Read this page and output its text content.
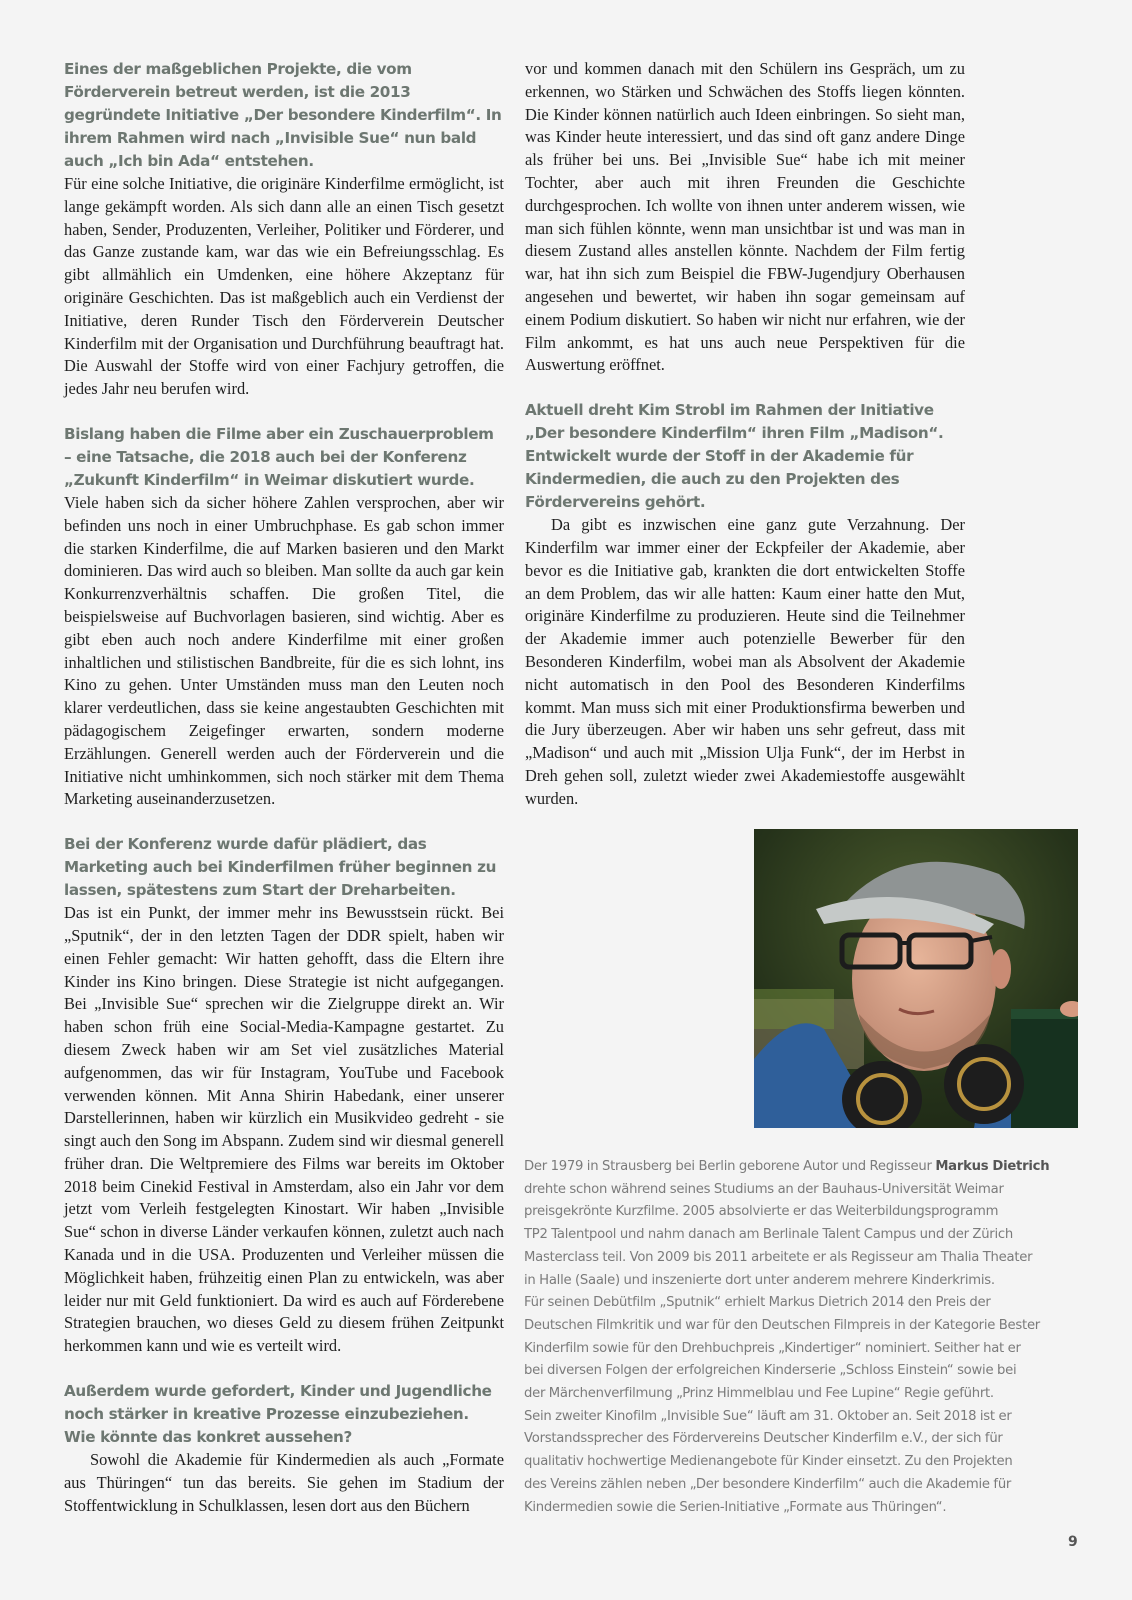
Eines der maßgeblichen Projekte, die vom Förderverein betreut werden, ist die 2013 gegründete Initiative „Der besondere Kinderfilm“. In ihrem Rahmen wird nach „Invisible Sue“ nun bald auch „Ich bin Ada“ entstehen.

Für eine solche Initiative, die originäre Kinderfilme ermöglicht, ist lange gekämpft worden. Als sich dann alle an einen Tisch gesetzt haben, Sender, Produzenten, Verleiher, Politiker und Förderer, und das Ganze zustande kam, war das wie ein Befreiungsschlag. Es gibt allmählich ein Umdenken, eine höhere Akzeptanz für originäre Geschichten. Das ist maßgeblich auch ein Verdienst der Initiative, deren Runder Tisch den Förderverein Deutscher Kinderfilm mit der Organisation und Durchführung beauftragt hat. Die Auswahl der Stoffe wird von einer Fachjury getroffen, die jedes Jahr neu berufen wird.

Bislang haben die Filme aber ein Zuschauerproblem – eine Tatsache, die 2018 auch bei der Konferenz „Zukunft Kinderfilm“ in Weimar diskutiert wurde.

Viele haben sich da sicher höhere Zahlen versprochen, aber wir befinden uns noch in einer Umbruchphase. Es gab schon immer die starken Kinderfilme, die auf Marken basieren und den Markt dominieren. Das wird auch so bleiben. Man sollte da auch gar kein Konkurrenzverhältnis schaffen. Die großen Titel, die beispielsweise auf Buchvorlagen basieren, sind wichtig. Aber es gibt eben auch noch andere Kinderfilme mit einer großen inhaltlichen und stilistischen Bandbreite, für die es sich lohnt, ins Kino zu gehen. Unter Umständen muss man den Leuten noch klarer verdeutlichen, dass sie keine angestaubten Geschichten mit pädagogischem Zeigefinger erwarten, sondern moderne Erzählungen. Generell werden auch der Förderverein und die Initiative nicht umhinkommen, sich noch stärker mit dem Thema Marketing auseinanderzusetzen.

Bei der Konferenz wurde dafür plädiert, das Marketing auch bei Kinderfilmen früher beginnen zu lassen, spätestens zum Start der Dreharbeiten.

Das ist ein Punkt, der immer mehr ins Bewusstsein rückt. Bei „Sputnik“, der in den letzten Tagen der DDR spielt, haben wir einen Fehler gemacht: Wir hatten gehofft, dass die Eltern ihre Kinder ins Kino bringen. Diese Strategie ist nicht aufgegangen. Bei „Invisible Sue“ sprechen wir die Zielgruppe direkt an. Wir haben schon früh eine Social-Media-Kampagne gestartet. Zu diesem Zweck haben wir am Set viel zusätzliches Material aufgenommen, das wir für Instagram, YouTube und Facebook verwenden können. Mit Anna Shirin Habedank, einer unserer Darstellerinnen, haben wir kürzlich ein Musikvideo gedreht - sie singt auch den Song im Abspann. Zudem sind wir diesmal generell früher dran. Die Weltpremiere des Films war bereits im Oktober 2018 beim Cinekid Festival in Amsterdam, also ein Jahr vor dem jetzt vom Verleih festgelegten Kinostart. Wir haben „Invisible Sue“ schon in diverse Länder verkaufen können, zuletzt auch nach Kanada und in die USA. Produzenten und Verleiher müssen die Möglichkeit haben, frühzeitig einen Plan zu entwickeln, was aber leider nur mit Geld funktioniert. Da wird es auch auf Förderebene Strategien brauchen, wo dieses Geld zu diesem frühen Zeitpunkt herkommen kann und wie es verteilt wird.

Außerdem wurde gefordert, Kinder und Jugendliche noch stärker in kreative Prozesse einzubeziehen. Wie könnte das konkret aussehen?

Sowohl die Akademie für Kindermedien als auch „Formate aus Thüringen“ tun das bereits. Sie gehen im Stadium der Stoffentwicklung in Schulklassen, lesen dort aus den Büchern

vor und kommen danach mit den Schülern ins Gespräch, um zu erkennen, wo Stärken und Schwächen des Stoffs liegen könnten. Die Kinder können natürlich auch Ideen einbringen. So sieht man, was Kinder heute interessiert, und das sind oft ganz andere Dinge als früher bei uns. Bei „Invisible Sue“ habe ich mit meiner Tochter, aber auch mit ihren Freunden die Geschichte durchgesprochen. Ich wollte von ihnen unter anderem wissen, wie man sich fühlen könnte, wenn man unsichtbar ist und was man in diesem Zustand alles anstellen könnte. Nachdem der Film fertig war, hat ihn sich zum Beispiel die FBW-Jugendjury Oberhausen angesehen und bewertet, wir haben ihn sogar gemeinsam auf einem Podium diskutiert. So haben wir nicht nur erfahren, wie der Film ankommt, es hat uns auch neue Perspektiven für die Auswertung eröffnet.

Aktuell dreht Kim Strobl im Rahmen der Initiative „Der besondere Kinderfilm“ ihren Film „Madison“. Entwickelt wurde der Stoff in der Akademie für Kindermedien, die auch zu den Projekten des Fördervereins gehört.

Da gibt es inzwischen eine ganz gute Verzahnung. Der Kinderfilm war immer einer der Eckpfeiler der Akademie, aber bevor es die Initiative gab, krankten die dort entwickelten Stoffe an dem Problem, das wir alle hatten: Kaum einer hatte den Mut, originäre Kinderfilme zu produzieren. Heute sind die Teilnehmer der Akademie immer auch potenzielle Bewerber für den Besonderen Kinderfilm, wobei man als Absolvent der Akademie nicht automatisch in den Pool des Besonderen Kinderfilms kommt. Man muss sich mit einer Produktionsfirma bewerben und die Jury überzeugen. Aber wir haben uns sehr gefreut, dass mit „Madison“ und auch mit „Mission Ulja Funk“, der im Herbst in Dreh gehen soll, zuletzt wieder zwei Akademiestoffe ausgewählt wurden.

Der 1979 in Strausberg bei Berlin geborene Autor und Regisseur Markus Dietrich
drehte schon während seines Studiums an der Bauhaus-Universität Weimar
preisgekrönte Kurzfilme. 2005 absolvierte er das Weiterbildungsprogramm
TP2 Talentpool und nahm danach am Berlinale Talent Campus und der Zürich
Masterclass teil. Von 2009 bis 2011 arbeitete er als Regisseur am Thalia Theater
in Halle (Saale) und inszenierte dort unter anderem mehrere Kinderkrimis.
Für seinen Debütfilm „Sputnik“ erhielt Markus Dietrich 2014 den Preis der
Deutschen Filmkritik und war für den Deutschen Filmpreis in der Kategorie Bester
Kinderfilm sowie für den Drehbuchpreis „Kindertiger“ nominiert. Seither hat er
bei diversen Folgen der erfolgreichen Kinderserie „Schloss Einstein“ sowie bei
der Märchenverfilmung „Prinz Himmelblau und Fee Lupine“ Regie geführt.
Sein zweiter Kinofilm „Invisible Sue“ läuft am 31. Oktober an. Seit 2018 ist er
Vorstandssprecher des Fördervereins Deutscher Kinderfilm e.V., der sich für
qualitativ hochwertige Medienangebote für Kinder einsetzt. Zu den Projekten
des Vereins zählen neben „Der besondere Kinderfilm“ auch die Akademie für
Kindermedien sowie die Serien-Initiative „Formate aus Thüringen“.

9
